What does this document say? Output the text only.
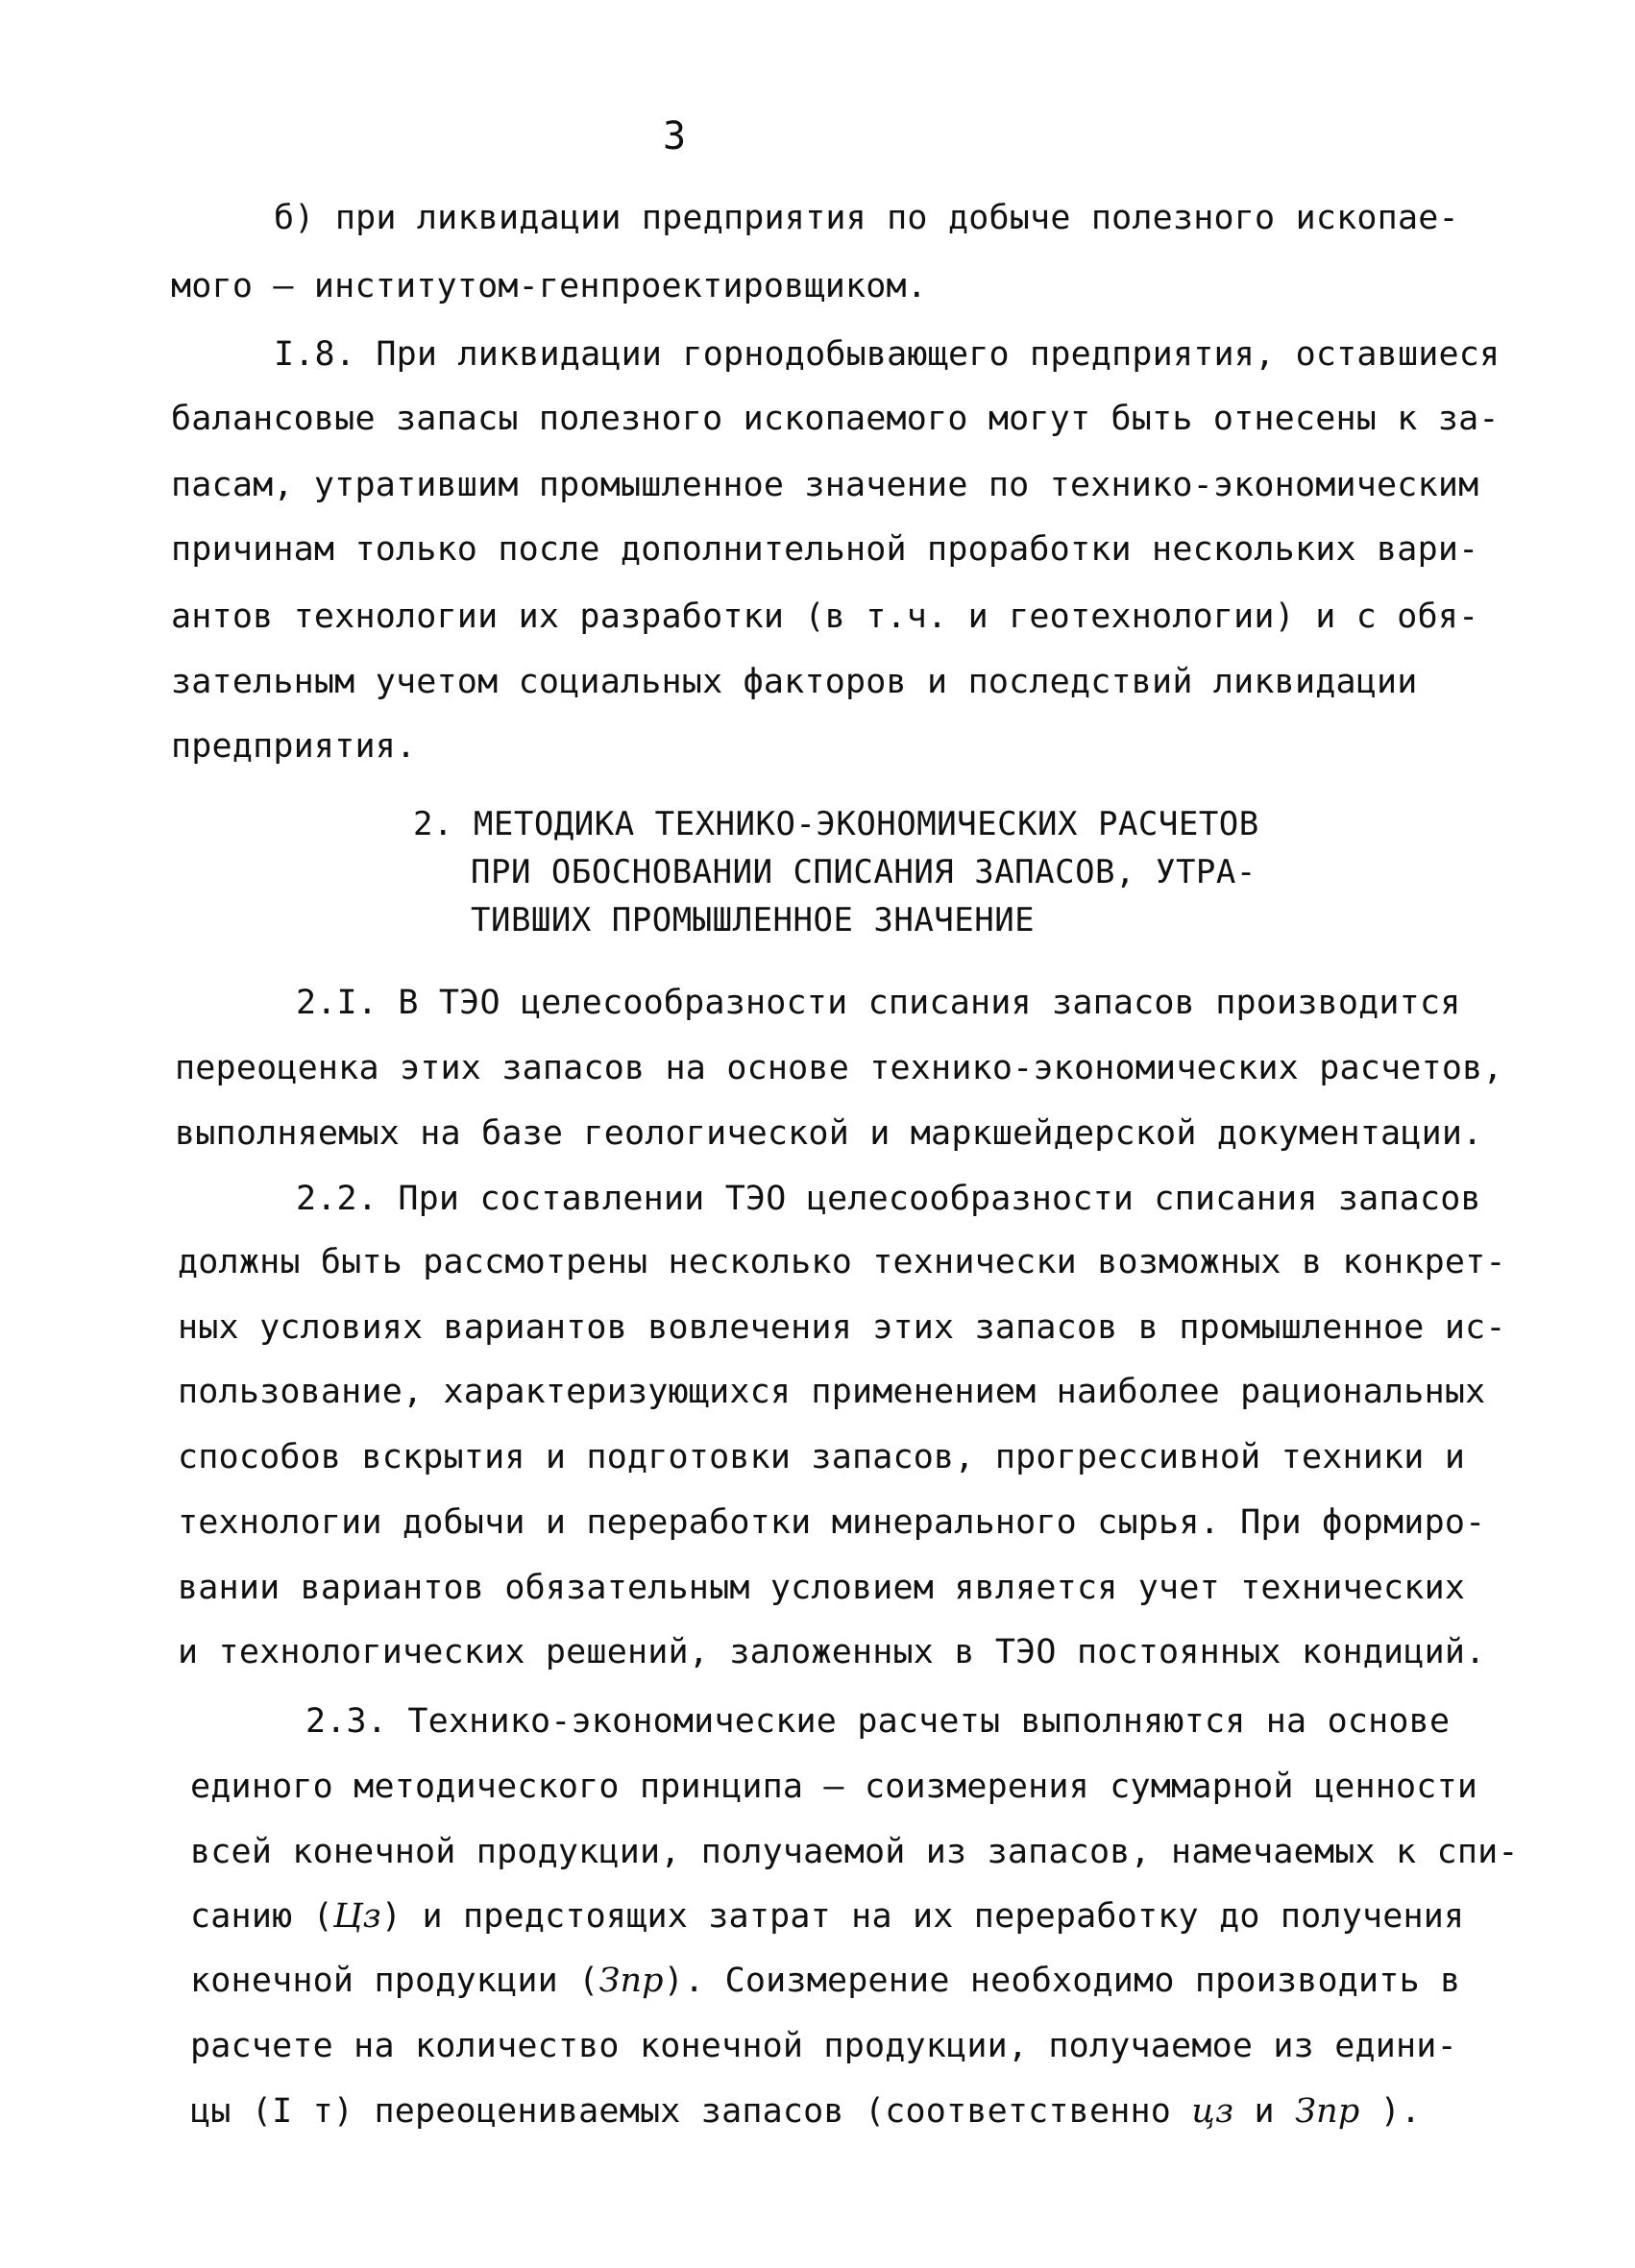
3
б) при ликвидации предприятия по добыче полезного ископае-
мого – институтом-генпроектировщиком.
I.8. При ликвидации горнодобывающего предприятия, оставшиеся
балансовые запасы полезного ископаемого могут быть отнесены к за-
пасам, утратившим промышленное значение по технико-экономическим
причинам только после дополнительной проработки нескольких вари-
антов технологии их разработки (в т.ч. и геотехнологии) и с обя-
зательным учетом социальных факторов и последствий ликвидации
предприятия.
2. МЕТОДИКА ТЕХНИКО-ЭКОНОМИЧЕСКИХ РАСЧЕТОВ
ПРИ ОБОСНОВАНИИ СПИСАНИЯ ЗАПАСОВ, УТРА-
ТИВШИХ ПРОМЫШЛЕННОЕ ЗНАЧЕНИЕ
2.I. В ТЭО целесообразности списания запасов производится
переоценка этих запасов на основе технико-экономических расчетов,
выполняемых на базе геологической и маркшейдерской документации.
2.2. При составлении ТЭО целесообразности списания запасов
должны быть рассмотрены несколько технически возможных в конкрет-
ных условиях вариантов вовлечения этих запасов в промышленное ис-
пользование, характеризующихся применением наиболее рациональных
способов вскрытия и подготовки запасов, прогрессивной техники и
технологии добычи и переработки минерального сырья. При формиро-
вании вариантов обязательным условием является учет технических
и технологических решений, заложенных в ТЭО постоянных кондиций.
2.3. Технико-экономические расчеты выполняются на основе
единого методического принципа – соизмерения суммарной ценности
всей конечной продукции, получаемой из запасов, намечаемых к спи-
санию (Цз) и предстоящих затрат на их переработку до получения
конечной продукции (Зпр). Соизмерение необходимо производить в
расчете на количество конечной продукции, получаемое из едини-
цы (I т) переоцениваемых запасов (соответственно цз и Зпр ).
